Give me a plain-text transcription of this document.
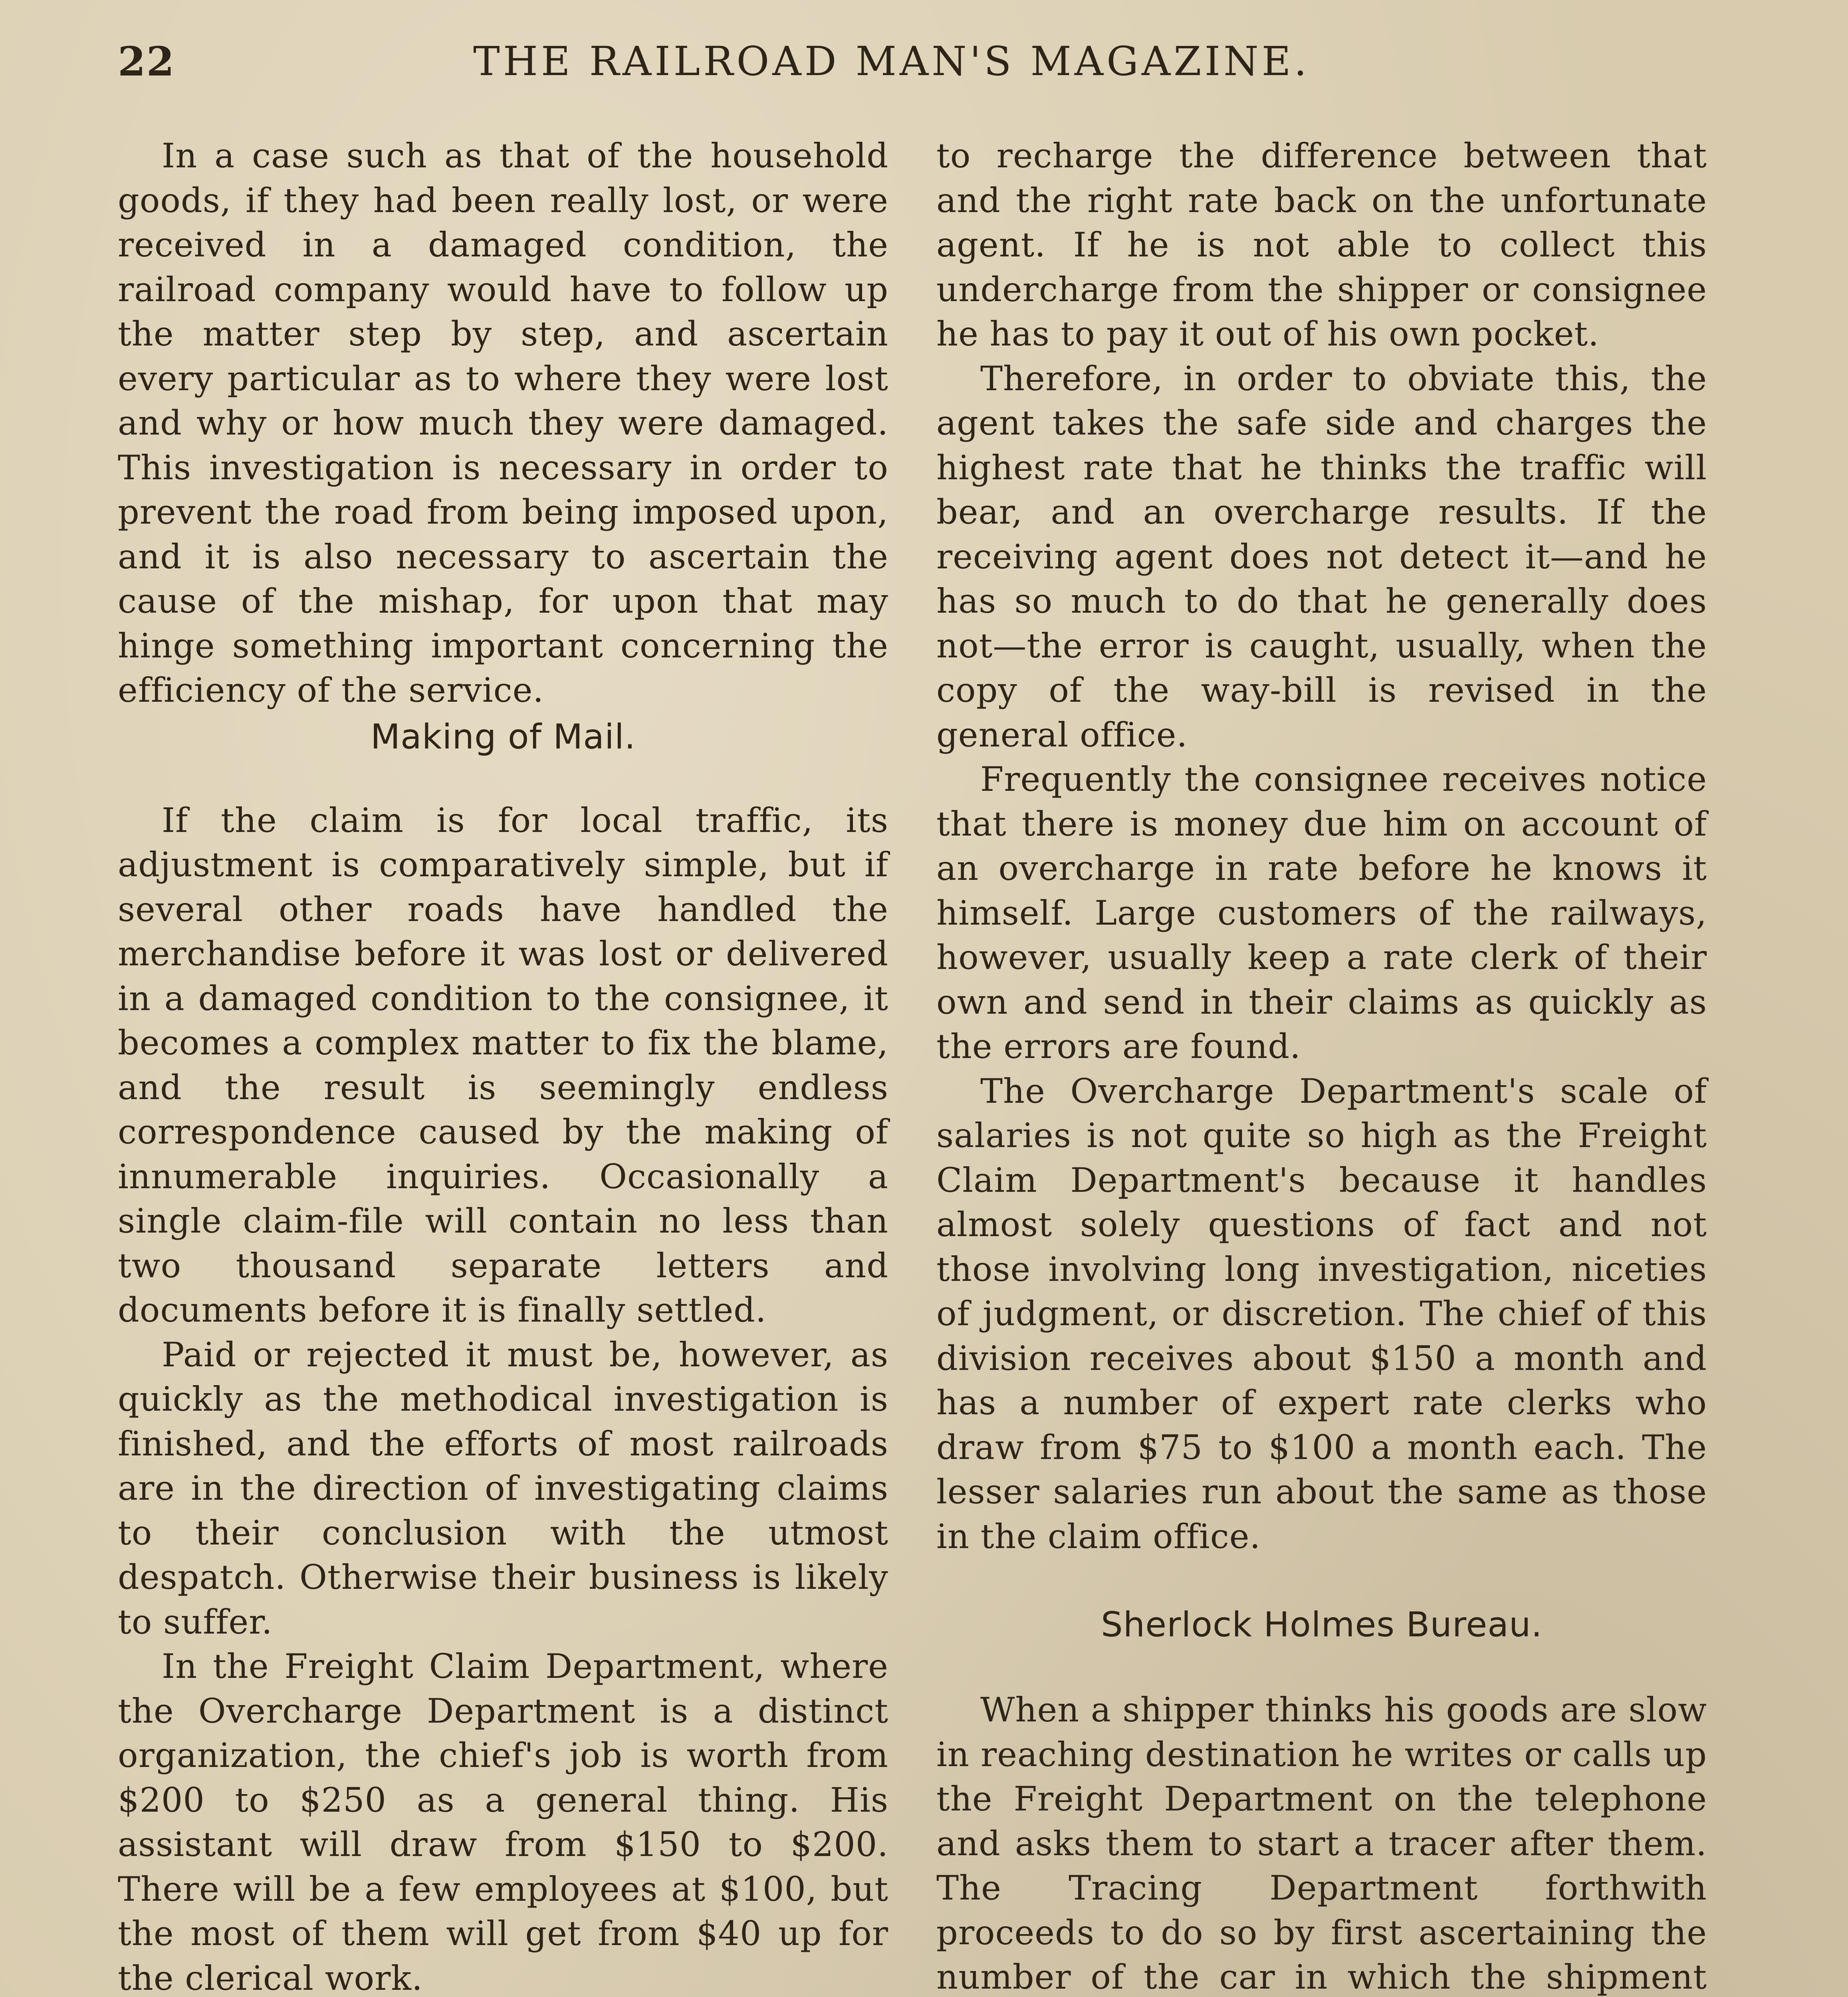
22	THE RAILROAD MAN'S MAGAZINE.

In a case such as that of the household goods, if they had been really lost, or were received in a damaged condition, the railroad company would have to follow up the matter step by step, and ascertain every particular as to where they were lost and why or how much they were damaged. This investigation is necessary in order to prevent the road from being imposed upon, and it is also necessary to ascertain the cause of the mishap, for upon that may hinge something important concerning the efficiency of the service.

Making of Mail.

If the claim is for local traffic, its adjustment is comparatively simple, but if several other roads have handled the merchandise before it was lost or delivered in a damaged condition to the consignee, it becomes a complex matter to fix the blame, and the result is seemingly endless correspondence caused by the making of innumerable inquiries. Occasionally a single claim-file will contain no less than two thousand separate letters and documents before it is finally settled.

Paid or rejected it must be, however, as quickly as the methodical investigation is finished, and the efforts of most railroads are in the direction of investigating claims to their conclusion with the utmost despatch. Otherwise their business is likely to suffer.

In the Freight Claim Department, where the Overcharge Department is a distinct organization, the chief's job is worth from $200 to $250 as a general thing. His assistant will draw from $150 to $200. There will be a few employees at $100, but the most of them will get from $40 up for the clerical work.

to recharge the difference between that and the right rate back on the unfortunate agent. If he is not able to collect this undercharge from the shipper or consignee he has to pay it out of his own pocket.

Therefore, in order to obviate this, the agent takes the safe side and charges the highest rate that he thinks the traffic will bear, and an overcharge results. If the receiving agent does not detect it—and he has so much to do that he generally does not—the error is caught, usually, when the copy of the way-bill is revised in the general office.

Frequently the consignee receives notice that there is money due him on account of an overcharge in rate before he knows it himself. Large customers of the railways, however, usually keep a rate clerk of their own and send in their claims as quickly as the errors are found.

The Overcharge Department's scale of salaries is not quite so high as the Freight Claim Department's because it handles almost solely questions of fact and not those involving long investigation, niceties of judgment, or discretion. The chief of this division receives about $150 a month and has a number of expert rate clerks who draw from $75 to $100 a month each. The lesser salaries run about the same as those in the claim office.

Sherlock Holmes Bureau.

When a shipper thinks his goods are slow in reaching destination he writes or calls up the Freight Department on the telephone and asks them to start a tracer after them. The Tracing Department forthwith proceeds to do so by first ascertaining the number of the car in which the shipment
